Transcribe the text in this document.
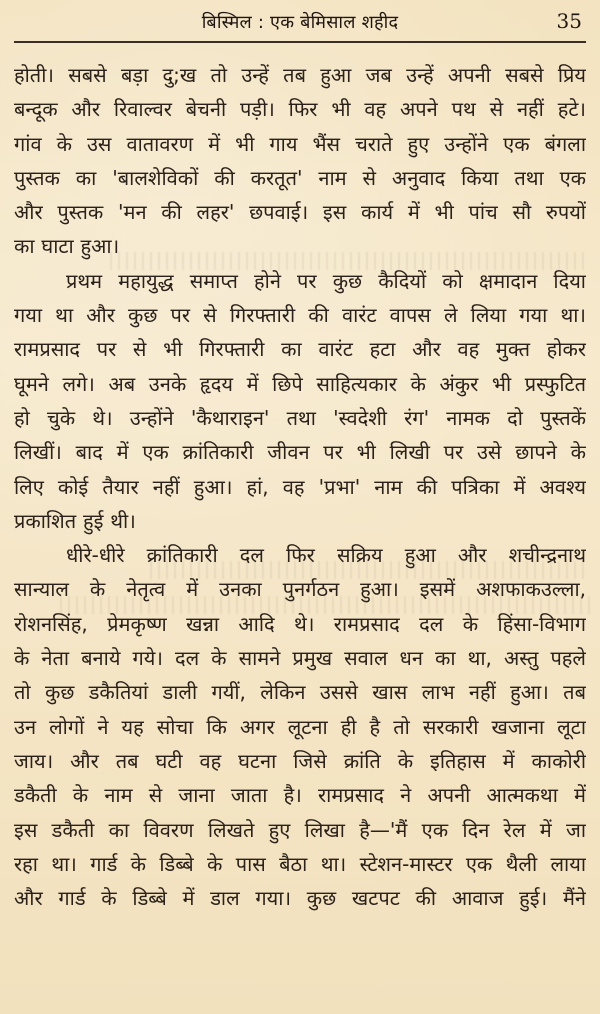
बिस्मिल : एक बेमिसाल शहीद	35
होती। सबसे बड़ा दु;ख तो उन्हें तब हुआ जब उन्हें अपनी सबसे प्रिय
बन्दूक और रिवाल्वर बेचनी पड़ी। फिर भी वह अपने पथ से नहीं हटे।
गांव के उस वातावरण में भी गाय भैंस चराते हुए उन्होंने एक बंगला
पुस्तक का 'बालशेविकों की करतूत' नाम से अनुवाद किया तथा एक
और पुस्तक 'मन की लहर' छपवाई। इस कार्य में भी पांच सौ रुपयों
का घाटा हुआ।
प्रथम महायुद्ध समाप्त होने पर कुछ कैदियों को क्षमादान दिया
गया था और कुछ पर से गिरफ्तारी की वारंट वापस ले लिया गया था।
रामप्रसाद पर से भी गिरफ्तारी का वारंट हटा और वह मुक्त होकर
घूमने लगे। अब उनके हृदय में छिपे साहित्यकार के अंकुर भी प्रस्फुटित
हो चुके थे। उन्होंने 'कैथाराइन' तथा 'स्वदेशी रंग' नामक दो पुस्तकें
लिखीं। बाद में एक क्रांतिकारी जीवन पर भी लिखी पर उसे छापने के
लिए कोई तैयार नहीं हुआ। हां, वह 'प्रभा' नाम की पत्रिका में अवश्य
प्रकाशित हुई थी।
धीरे-धीरे क्रांतिकारी दल फिर सक्रिय हुआ और शचीन्द्रनाथ
सान्याल के नेतृत्व में उनका पुनर्गठन हुआ। इसमें अशफाकउल्ला,
रोशनसिंह, प्रेमकृष्ण खन्ना आदि थे। रामप्रसाद दल के हिंसा-विभाग
के नेता बनाये गये। दल के सामने प्रमुख सवाल धन का था, अस्तु पहले
तो कुछ डकैतियां डाली गयीं, लेकिन उससे खास लाभ नहीं हुआ। तब
उन लोगों ने यह सोचा कि अगर लूटना ही है तो सरकारी खजाना लूटा
जाय। और तब घटी वह घटना जिसे क्रांति के इतिहास में काकोरी
डकैती के नाम से जाना जाता है। रामप्रसाद ने अपनी आत्मकथा में
इस डकैती का विवरण लिखते हुए लिखा है—'मैं एक दिन रेल में जा
रहा था। गार्ड के डिब्बे के पास बैठा था। स्टेशन-मास्टर एक थैली लाया
और गार्ड के डिब्बे में डाल गया। कुछ खटपट की आवाज हुई। मैंने
